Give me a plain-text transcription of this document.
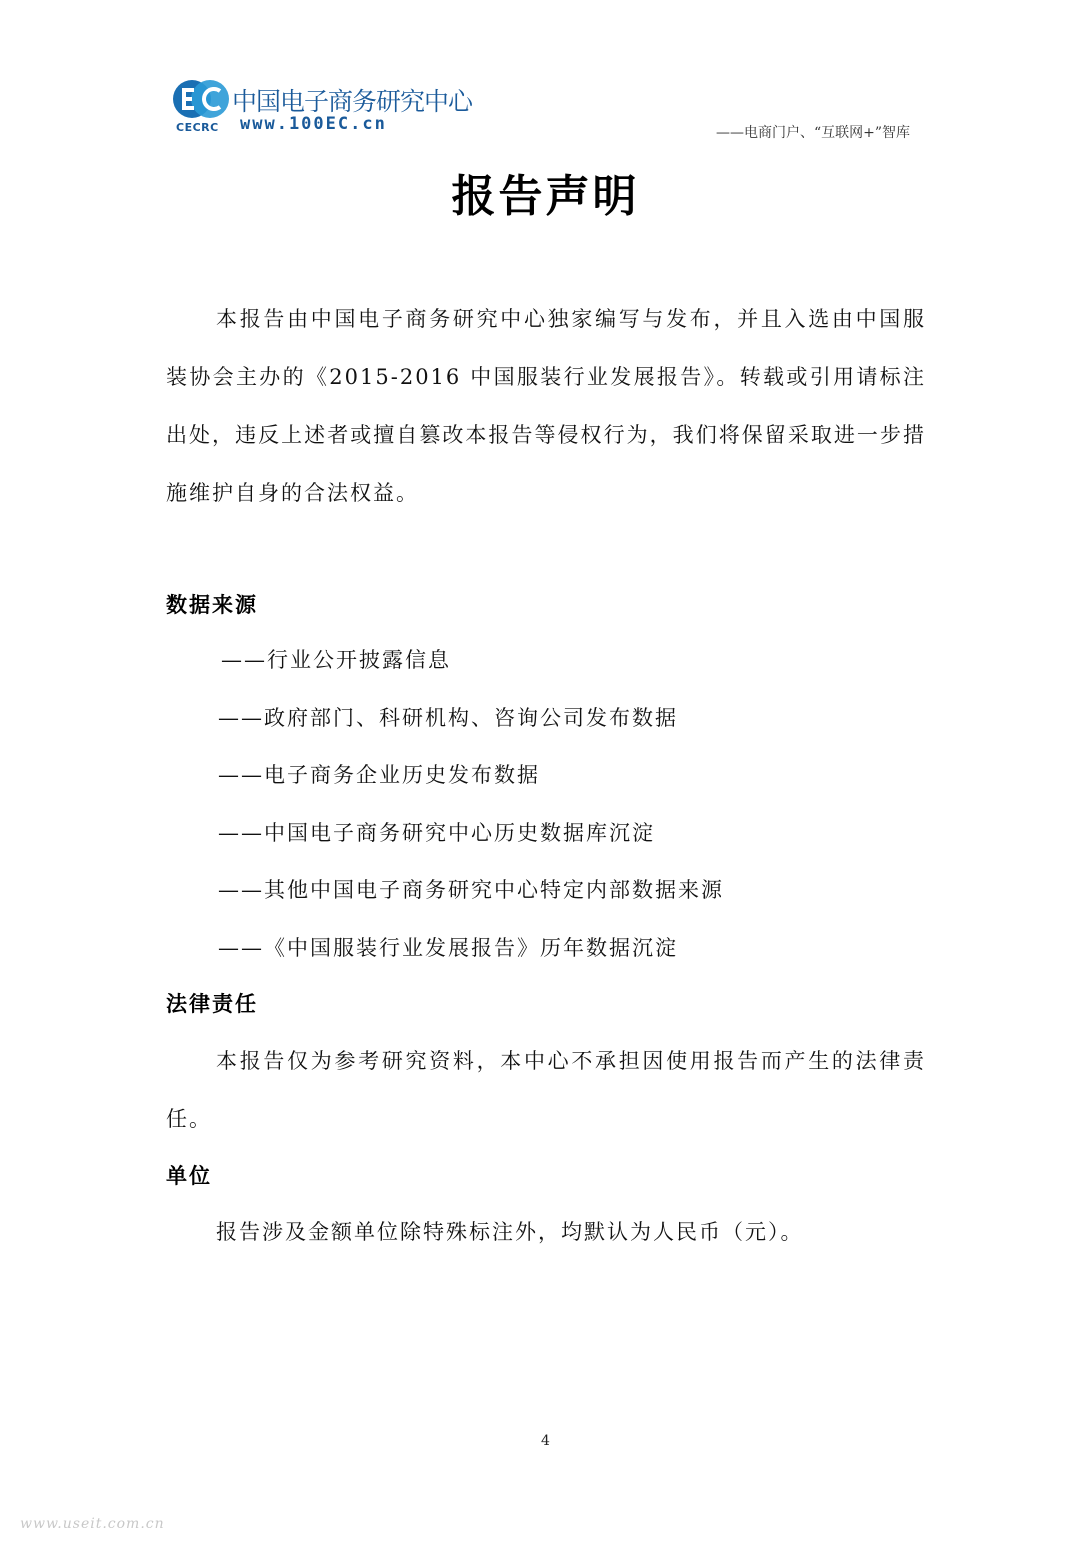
CECRC
中国电子商务研究中心
www.100EC.cn	——电商门户、“互联网+”智库
报告声明

本报告由中国电子商务研究中心独家编写与发布，并且入选由中国服装协会主办的《2015-2016 中国服装行业发展报告》。转载或引用请标注出处，违反上述者或擅自篡改本报告等侵权行为，我们将保留采取进一步措施维护自身的合法权益。

数据来源
——行业公开披露信息
——政府部门、科研机构、咨询公司发布数据
——电子商务企业历史发布数据
——中国电子商务研究中心历史数据库沉淀
——其他中国电子商务研究中心特定内部数据来源
——《中国服装行业发展报告》历年数据沉淀
法律责任

本报告仅为参考研究资料，本中心不承担因使用报告而产生的法律责任。

单位

报告涉及金额单位除特殊标注外，均默认为人民币（元）。

4
www.useit.com.cn
